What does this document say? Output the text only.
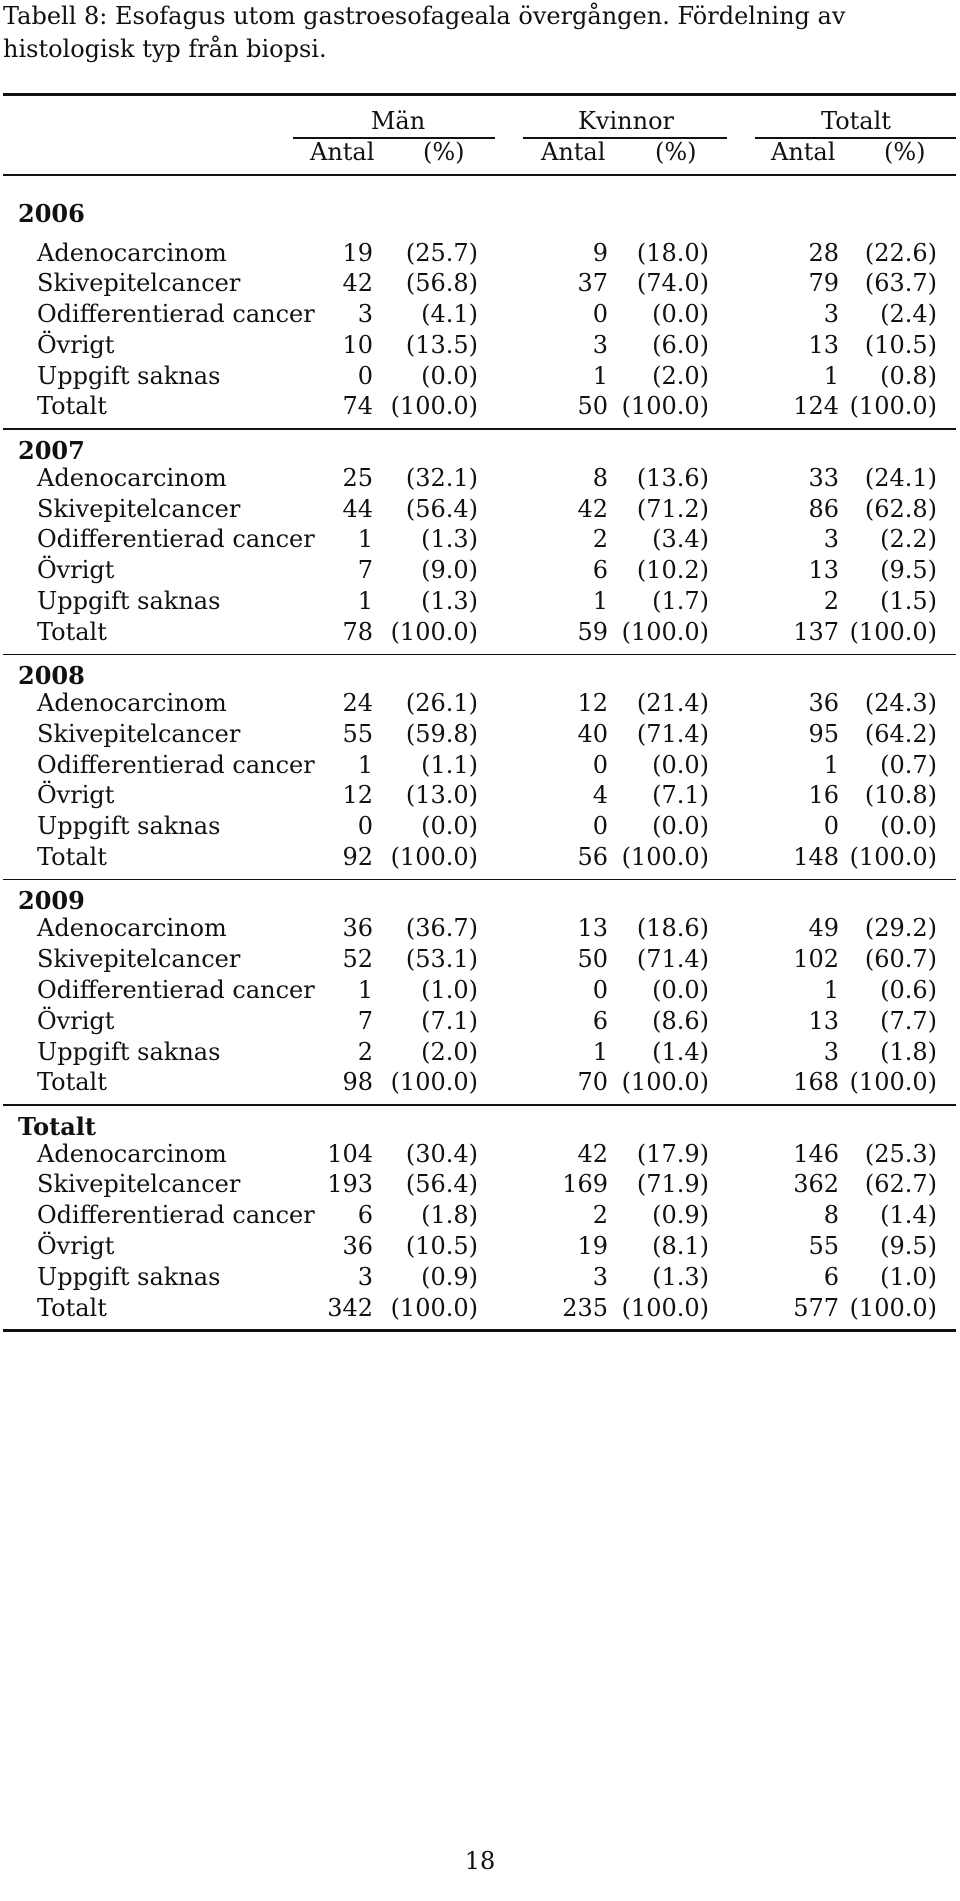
Tabell 8: Esofagus utom gastroesofageala övergången. Fördelning av histologisk typ från biopsi.

Män	Kvinnor	Totalt
Antal (%)	Antal (%)	Antal (%)
2006
Adenocarcinom	19 (25.7)	9 (18.0)	28 (22.6)
Skivepitelcancer	42 (56.8)	37 (74.0)	79 (63.7)
Odifferentierad cancer 3 (4.1)	0 (0.0)	3 (2.4)
Övrigt	10 (13.5)	3 (6.0)	13 (10.5)
Uppgift saknas	0 (0.0)	1 (2.0)	1 (0.8)
Totalt	74 (100.0)	50 (100.0)	124 (100.0)
2007
Adenocarcinom	25 (32.1)	8 (13.6)	33 (24.1)
Skivepitelcancer	44 (56.4)	42 (71.2)	86 (62.8)
Odifferentierad cancer 1 (1.3)	2 (3.4)	3 (2.2)
Övrigt	7 (9.0)	6 (10.2)	13 (9.5)
Uppgift saknas	1 (1.3)	1 (1.7)	2 (1.5)
Totalt	78 (100.0)	59 (100.0)	137 (100.0)
2008
Adenocarcinom	24 (26.1)	12 (21.4)	36 (24.3)
Skivepitelcancer	55 (59.8)	40 (71.4)	95 (64.2)
Odifferentierad cancer 1 (1.1)	0 (0.0)	1 (0.7)
Övrigt	12 (13.0)	4 (7.1)	16 (10.8)
Uppgift saknas	0 (0.0)	0 (0.0)	0 (0.0)
Totalt	92 (100.0)	56 (100.0)	148 (100.0)
2009
Adenocarcinom	36 (36.7)	13 (18.6)	49 (29.2)
Skivepitelcancer	52 (53.1)	50 (71.4)	102 (60.7)
Odifferentierad cancer 1 (1.0)	0 (0.0)	1 (0.6)
Övrigt	7 (7.1)	6 (8.6)	13 (7.7)
Uppgift saknas	2 (2.0)	1 (1.4)	3 (1.8)
Totalt	98 (100.0)	70 (100.0)	168 (100.0)
Totalt
Adenocarcinom	104 (30.4)	42 (17.9)	146 (25.3)
Skivepitelcancer	193 (56.4)	169 (71.9)	362 (62.7)
Odifferentierad cancer 6 (1.8)	2 (0.9)	8 (1.4)
Övrigt	36 (10.5)	19 (8.1)	55 (9.5)
Uppgift saknas	3 (0.9)	3 (1.3)	6 (1.0)
Totalt	342 (100.0)	235 (100.0)	577 (100.0)
18
